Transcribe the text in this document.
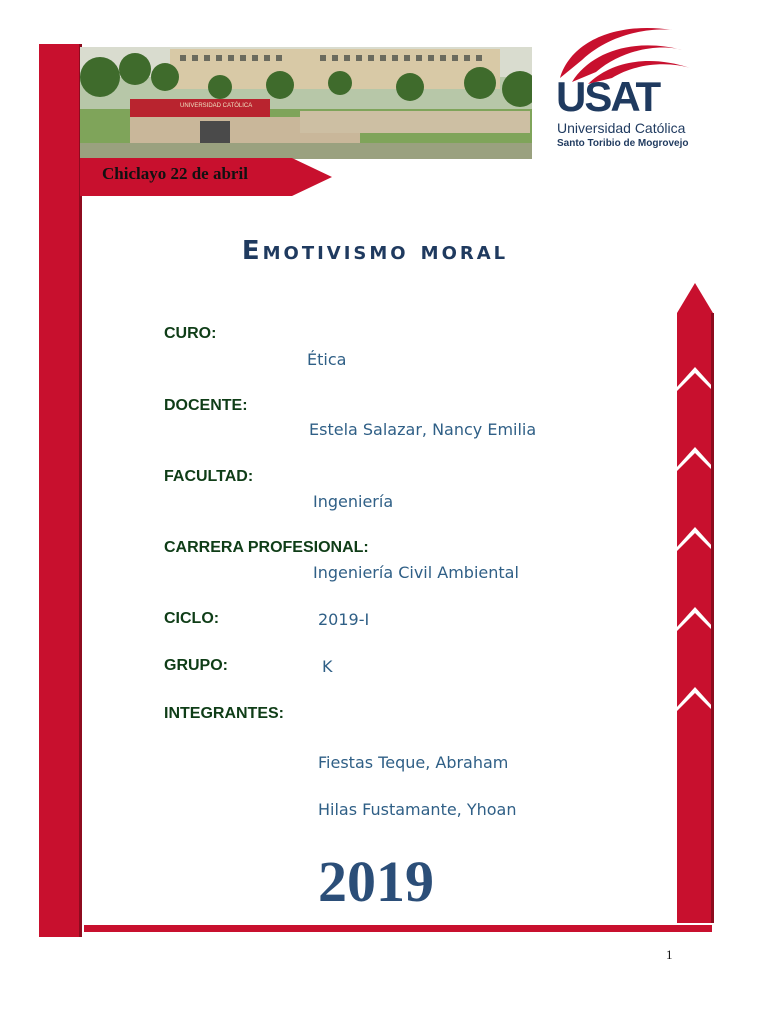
UNIVERSIDAD CATÓLICA
Chiclayo 22 de abril
USAT
Universidad Católica
Santo Toribio de Mogrovejo
Emotivismo moral
CURO:
Ética
DOCENTE:
Estela Salazar, Nancy Emilia
FACULTAD:
Ingeniería
CARRERA PROFESIONAL:
Ingeniería Civil Ambiental
CICLO:	2019-I
GRUPO:	K
INTEGRANTES:
Fiestas Teque, Abraham
Hilas Fustamante, Yhoan
2019
1
